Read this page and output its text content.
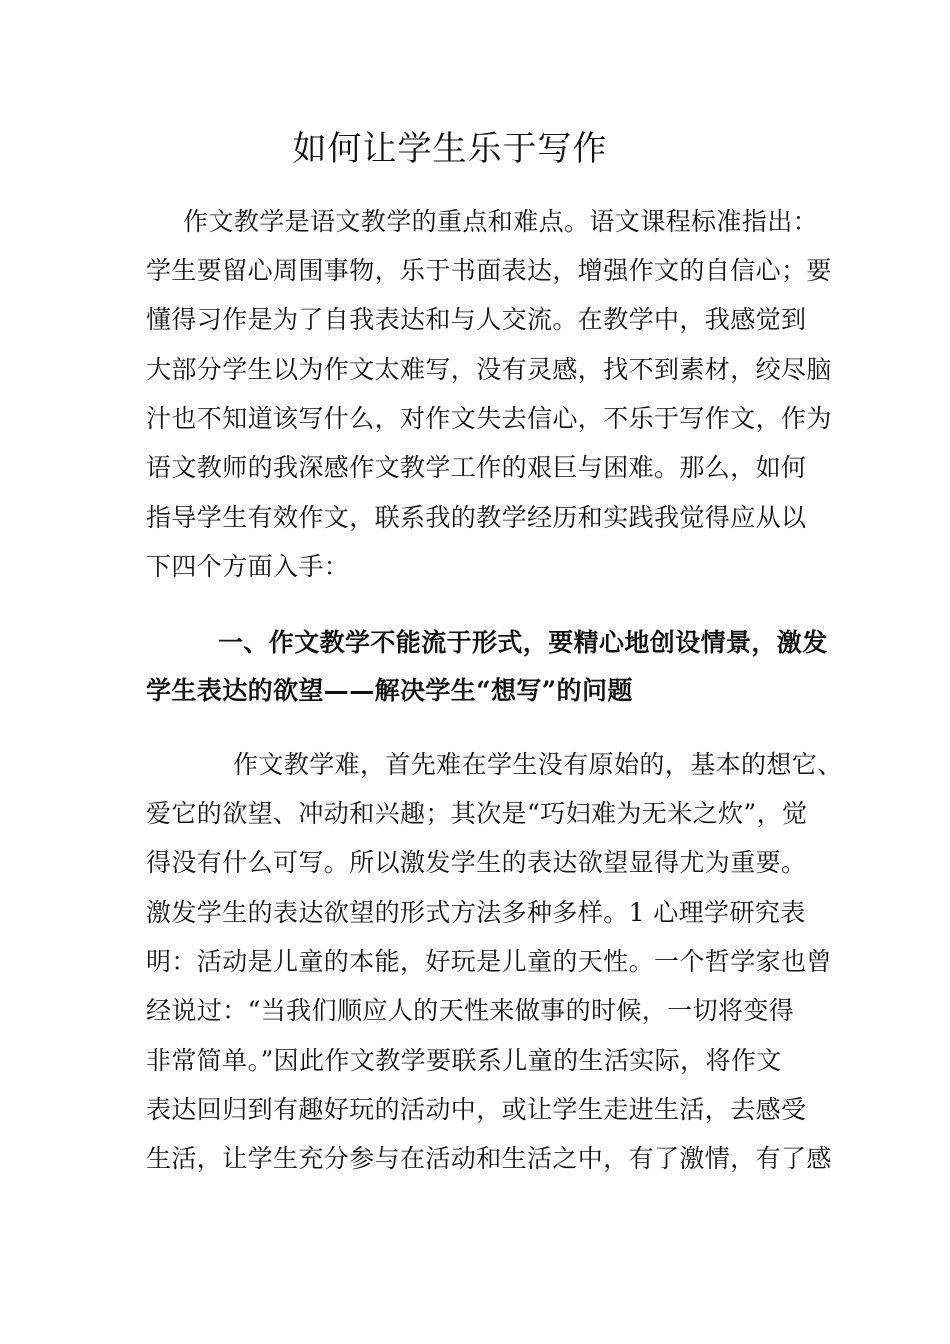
如何让学生乐于写作
作文教学是语文教学的重点和难点。语文课程标准指出：
学生要留心周围事物，乐于书面表达，增强作文的自信心；要
懂得习作是为了自我表达和与人交流。在教学中，我感觉到
大部分学生以为作文太难写，没有灵感，找不到素材，绞尽脑
汁也不知道该写什么，对作文失去信心，不乐于写作文，作为
语文教师的我深感作文教学工作的艰巨与困难。那么，如何
指导学生有效作文，联系我的教学经历和实践我觉得应从以
下四个方面入手：
一、作文教学不能流于形式，要精心地创设情景，激发
学生表达的欲望——解决学生“想写”的问题
作文教学难，首先难在学生没有原始的，基本的想它、
爱它的欲望、冲动和兴趣；其次是“巧妇难为无米之炊”，觉
得没有什么可写。所以激发学生的表达欲望显得尤为重要。
激发学生的表达欲望的形式方法多种多样。1 心理学研究表
明：活动是儿童的本能，好玩是儿童的天性。一个哲学家也曾
经说过：“当我们顺应人的天性来做事的时候，一切将变得
非常简单。”因此作文教学要联系儿童的生活实际，将作文
表达回归到有趣好玩的活动中，或让学生走进生活，去感受
生活，让学生充分参与在活动和生活之中，有了激情，有了感
